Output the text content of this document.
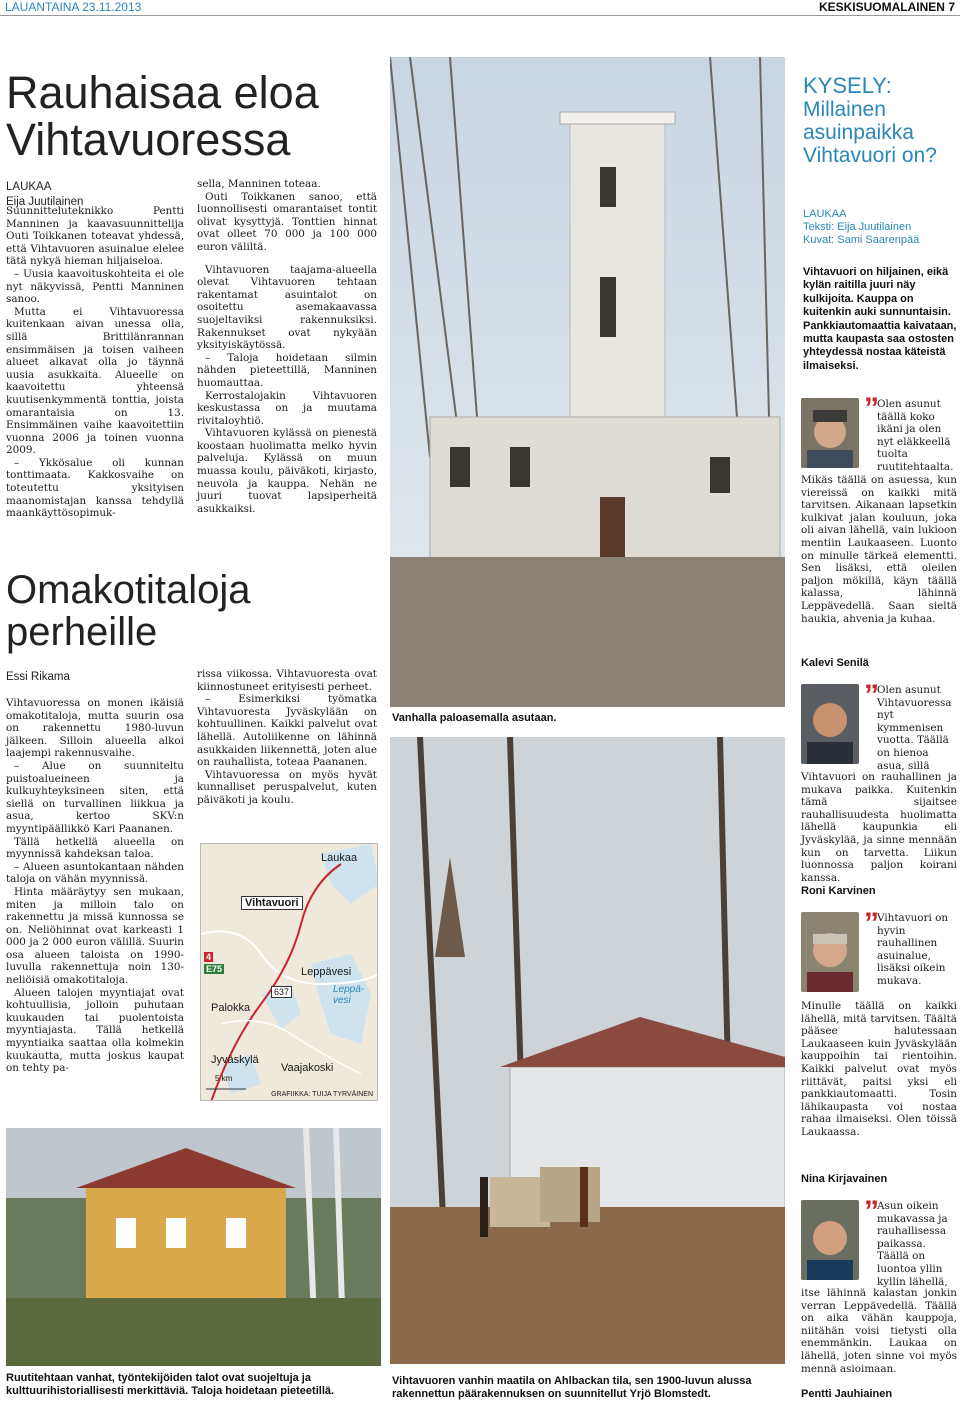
LAUANTAINA 23.11.2013	KESKISUOMALAINEN 7
Rauhaisaa eloa
Vihtavuoressa
LAUKAA
Eija Juutilainen

Suunnitteluteknikko Pentti Manninen ja kaavasuunnittelija Outi Toikkanen toteavat yhdessä, että Vihtavuoren asuinalue elelee tätä nykyä hieman hiljaiseloa.

– Uusia kaavoituskohteita ei ole nyt näkyvissä, Pentti Manninen sanoo.

Mutta ei Vihtavuoressa kuitenkaan aivan unessa olla, sillä Brittilänrannan ensimmäisen ja toisen vaiheen alueet alkavat olla jo täynnä uusia asukkaita. Alueelle on kaavoitettu yhteensä kuutisenkymmentä tonttia, joista omarantaisia on 13. Ensimmäinen vaihe kaavoitettiin vuonna 2006 ja toinen vuonna 2009.

– Ykkösalue oli kunnan tonttimaata. Kakkosvaihe on toteutettu yksityisen maanomistajan kanssa tehdyllä maankäyttösopimuk-

sella, Manninen toteaa.

Outi Toikkanen sanoo, että luonnollisesti omarantaiset tontit olivat kysyttyjä. Tonttien hinnat ovat olleet 70 000 ja 100 000 euron väliltä.

Vihtavuoren taajama-alueella olevat Vihtavuoren tehtaan rakentamat asuintalot on osoitettu asemakaavassa suojeltaviksi rakennuksiksi. Rakennukset ovat nykyään yksityiskäytössä.

– Taloja hoidetaan silmin nähden pieteettillä, Manninen huomauttaa.

Kerrostalojakin Vihtavuoren keskustassa on ja muutama rivitaloyhtiö.

Vihtavuoren kylässä on pienestä koostaan huolimatta melko hyvin palveluja. Kylässä on muun muassa koulu, päiväkoti, kirjasto, neuvola ja kauppa. Nehän ne juuri tuovat lapsiperheitä asukkaiksi.

Omakotitaloja
perheille
Essi Rikama

Vihtavuoressa on monen ikäisiä omakotitaloja, mutta suurin osa on rakennettu 1980-luvun jälkeen. Silloin alueella alkoi laajempi rakennusvaihe.

– Alue on suunniteltu puistoalueineen ja kulkuyhteyksineen siten, että siellä on turvallinen liikkua ja asua, kertoo SKV:n myyntipäällikkö Kari Paananen.

Tällä hetkellä alueella on myynnissä kahdeksan taloa.

– Alueen asuntokantaan nähden taloja on vähän myynnissä.

Hinta määräytyy sen mukaan, miten ja milloin talo on rakennettu ja missä kunnossa se on. Neliöhinnat ovat karkeasti 1 000 ja 2 000 euron välillä. Suurin osa alueen taloista on 1990-luvulla rakennettuja noin 130-neliöisiä omakotitaloja.

Alueen talojen myyntiajat ovat kohtuullisia, jolloin puhutaan kuukauden tai puolentoista myyntiajasta. Tällä hetkellä myyntiaika saattaa olla kolmekin kuukautta, mutta joskus kaupat on tehty pa-

rissa viikossa. Vihtavuoresta ovat kiinnostuneet erityisesti perheet.

– Esimerkiksi työmatka Vihtavuoresta Jyväskylään on kohtuullinen. Kaikki palvelut ovat lähellä. Autoliikenne on lähinnä asukkaiden liikennettä, joten alue on rauhallista, toteaa Paananen.

Vihtavuoressa on myös hyvät kunnalliset peruspalvelut, kuten päiväkoti ja koulu.

Laukaa
Vihtavuori
Leppävesi
Leppä-
vesi
Palokka
Jyväskylä
Vaajakoski
4
E75
637
5 km
GRAFIIKKA: TUIJA TYRVÄINEN
Vanhalla paloasemalla asutaan.
Vihtavuoren vanhin maatila on Ahlbackan tila, sen 1900-luvun alussa rakennettun päärakennuksen on suunnitellut Yrjö Blomstedt.
Ruutitehtaan vanhat, työntekijöiden talot ovat suojeltuja ja kulttuurihistoriallisesti merkittäviä. Taloja hoidetaan pieteetillä.
KYSELY:
Millainen asuinpaikka Vihtavuori on?
LAUKAA
Teksti: Eija Juutilainen
Kuvat: Sami Saarenpää
Vihtavuori on hiljainen, eikä kylän raitilla juuri näy kulkijoita. Kauppa on kuitenkin auki sunnuntaisin. Pankkiautomaattia kaivataan, mutta kaupasta saa ostosten yhteydessä nostaa käteistä ilmaiseksi.
”
Olen asunut täällä koko ikäni ja olen nyt eläkkeellä tuolta ruutitehtaalta.
Mikäs täällä on asuessa, kun viereissä on kaikki mitä tarvitsen. Aikanaan lapsetkin kulkivat jalan kouluun, joka oli aivan lähellä, vain lukioon mentiin Laukaaseen. Luonto on minulle tärkeä elementti. Sen lisäksi, että oleilen paljon mökillä, käyn täällä kalassa, lähinnä Leppävedellä. Saan sieltä haukia, ahvenia ja kuhaa.
Kalevi Senilä
”
Olen asunut Vihtavuoressa nyt kymmenisen vuotta. Täällä on hienoa asua, sillä
Vihtavuori on rauhallinen ja mukava paikka. Kuitenkin tämä sijaitsee rauhallisuudesta huolimatta lähellä kaupunkia eli Jyväskylää, ja sinne mennään kun on tarvetta. Liikun luonnossa paljon koirani kanssa.
Roni Karvinen
”
Vihtavuori on hyvin rauhallinen asuinalue, lisäksi oikein mukava.
Minulle täällä on kaikki lähellä, mitä tarvitsen. Täältä pääsee halutessaan Laukaaseen kuin Jyväskylään kauppoihin tai rientoihin. Kaikki palvelut ovat myös riittävät, paitsi yksi eli pankkiautomaatti. Tosin lähikaupasta voi nostaa rahaa ilmaiseksi. Olen töissä Laukaassa.
Nina Kirjavainen
”
Asun oikein mukavassa ja rauhallisessa paikassa. Täällä on luontoa yllin kyllin lähellä,
itse lähinnä kalastan jonkin verran Leppävedellä. Täällä on aika vähän kauppoja, niitähän voisi tietysti olla enemmänkin. Laukaa on lähellä, joten sinne voi myös mennä asioimaan.
Pentti Jauhiainen
